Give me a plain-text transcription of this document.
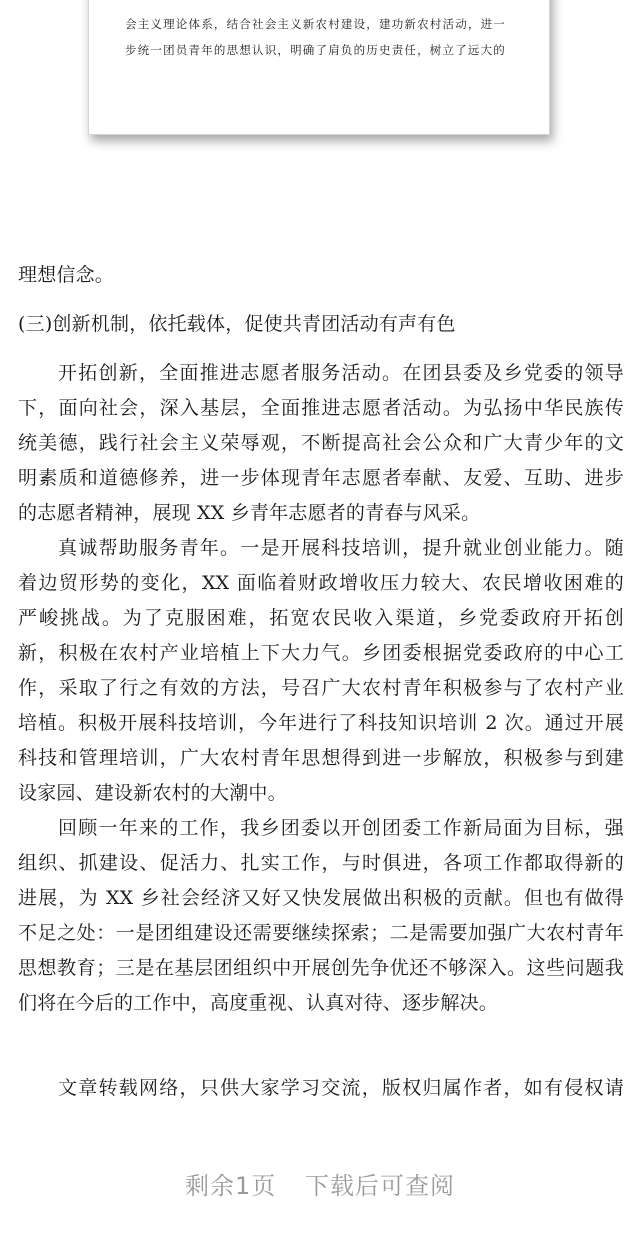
会主义理论体系，结合社会主义新农村建设，建功新农村活动，进一
步统一团员青年的思想认识，明确了肩负的历史责任，树立了远大的
理想信念。
(三)创新机制，依托载体，促使共青团活动有声有色
开拓创新，全面推进志愿者服务活动。在团县委及乡党委的领导
下，面向社会，深入基层，全面推进志愿者活动。为弘扬中华民族传
统美德，践行社会主义荣辱观，不断提高社会公众和广大青少年的文
明素质和道德修养，进一步体现青年志愿者奉献、友爱、互助、进步
的志愿者精神，展现 XX 乡青年志愿者的青春与风采。
真诚帮助服务青年。一是开展科技培训，提升就业创业能力。随
着边贸形势的变化，XX 面临着财政增收压力较大、农民增收困难的
严峻挑战。为了克服困难，拓宽农民收入渠道，乡党委政府开拓创
新，积极在农村产业培植上下大力气。乡团委根据党委政府的中心工
作，采取了行之有效的方法，号召广大农村青年积极参与了农村产业
培植。积极开展科技培训，今年进行了科技知识培训 2 次。通过开展
科技和管理培训，广大农村青年思想得到进一步解放，积极参与到建
设家园、建设新农村的大潮中。
回顾一年来的工作，我乡团委以开创团委工作新局面为目标，强
组织、抓建设、促活力、扎实工作，与时俱进，各项工作都取得新的
进展，为 XX 乡社会经济又好又快发展做出积极的贡献。但也有做得
不足之处：一是团组建设还需要继续探索；二是需要加强广大农村青年
思想教育；三是在基层团组织中开展创先争优还不够深入。这些问题我
们将在今后的工作中，高度重视、认真对待、逐步解决。
文章转载网络，只供大家学习交流，版权归属作者，如有侵权请
剩余1页 下载后可查阅
